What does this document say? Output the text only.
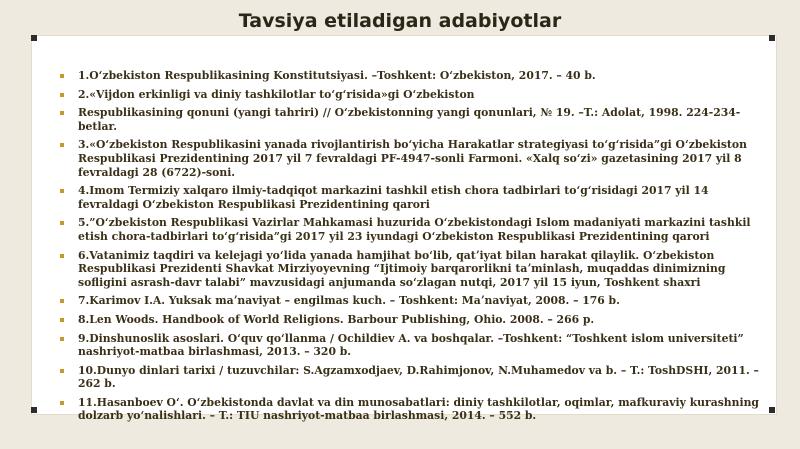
Tavsiya etiladigan adabiyotlar
1.Oʻzbekiston Respublikasining Konstitutsiyasi. –Toshkent: Oʻzbekiston, 2017. – 40 b.
2.«Vijdon erkinligi va diniy tashkilotlar toʻgʻrisida»gi Oʻzbekiston
Respublikasining qonuni (yangi tahriri) // Oʻzbekistonning yangi qonunlari, № 19. –T.: Adolat, 1998. 224-234-betlar.
3.«Oʻzbekiston Respublikasini yanada rivojlantirish boʻyicha Harakatlar strategiyasi toʻgʻrisida”gi Oʻzbekiston Respublikasi Prezidentining 2017 yil 7 fevraldagi PF-4947-sonli Farmoni. «Xalq soʻzi» gazetasining 2017 yil 8 fevraldagi 28 (6722)-soni.
4.Imom Termiziy xalqaro ilmiy-tadqiqot markazini tashkil etish chora tadbirlari toʻgʻrisidagi 2017 yil 14 fevraldagi Oʻzbekiston Respublikasi Prezidentining qarori
5.”Oʻzbekiston Respublikasi Vazirlar Mahkamasi huzurida Oʻzbekistondagi Islom madaniyati markazini tashkil etish chora-tadbirlari toʻgʻrisida”gi 2017 yil 23 iyundagi Oʻzbekiston Respublikasi Prezidentining qarori
6.Vatanimiz taqdiri va kelejagi yoʻlida yanada hamjihat boʻlib, qatʼiyat bilan harakat qilaylik. Oʻzbekiston Respublikasi Prezidenti Shavkat Mirziyoyevning “Ijtimoiy barqarorlikni taʼminlash, muqaddas dinimizning sofligini asrash-davr talabi” mavzusidagi anjumanda soʻzlagan nutqi, 2017 yil 15 iyun, Toshkent shaxri
7.Karimov I.A. Yuksak maʼnaviyat – engilmas kuch. – Toshkent: Maʼnaviyat, 2008. – 176 b.
8.Len Woods. Handbook of World Religions. Barbour Publishing, Ohio. 2008. – 266 p.
9.Dinshunoslik asoslari. Oʻquv qoʻllanma / Ochildiev A. va boshqalar. –Toshkent: “Toshkent islom universiteti” nashriyot-matbaa birlashmasi, 2013. – 320 b.
10.Dunyo dinlari tarixi / tuzuvchilar: S.Agzamxodjaev, D.Rahimjonov, N.Muhamedov va b. – T.: ToshDSHI, 2011. – 262 b.
11.Hasanboev Oʻ. Oʻzbekistonda davlat va din munosabatlari: diniy tashkilotlar, oqimlar, mafkuraviy kurashning dolzarb yoʻnalishlari. – T.: TIU nashriyot-matbaa birlashmasi, 2014. – 552 b.
